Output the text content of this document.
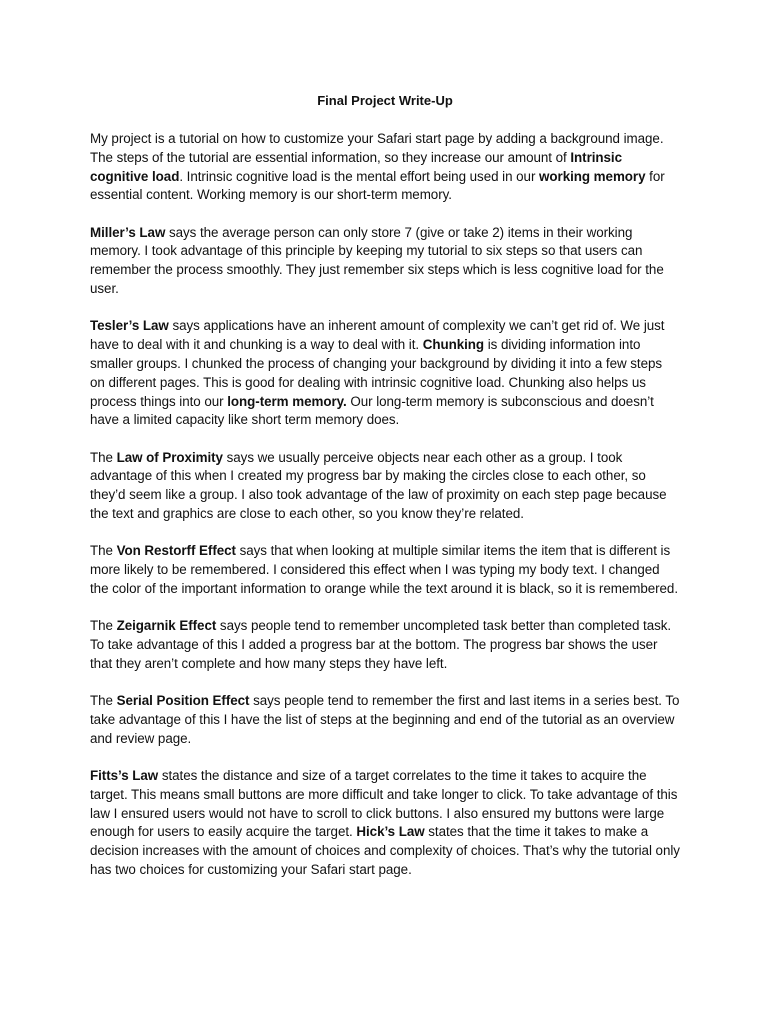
Final Project Write-Up

My project is a tutorial on how to customize your Safari start page by adding a background image. The steps of the tutorial are essential information, so they increase our amount of Intrinsic cognitive load. Intrinsic cognitive load is the mental effort being used in our working memory for essential content. Working memory is our short-term memory.

Miller’s Law says the average person can only store 7 (give or take 2) items in their working memory. I took advantage of this principle by keeping my tutorial to six steps so that users can remember the process smoothly. They just remember six steps which is less cognitive load for the user.

Tesler’s Law says applications have an inherent amount of complexity we can’t get rid of. We just have to deal with it and chunking is a way to deal with it. Chunking is dividing information into smaller groups. I chunked the process of changing your background by dividing it into a few steps on different pages. This is good for dealing with intrinsic cognitive load. Chunking also helps us process things into our long-term memory. Our long-term memory is subconscious and doesn’t have a limited capacity like short term memory does.

The Law of Proximity says we usually perceive objects near each other as a group. I took advantage of this when I created my progress bar by making the circles close to each other, so they’d seem like a group. I also took advantage of the law of proximity on each step page because the text and graphics are close to each other, so you know they’re related.

The Von Restorff Effect says that when looking at multiple similar items the item that is different is more likely to be remembered. I considered this effect when I was typing my body text. I changed the color of the important information to orange while the text around it is black, so it is remembered.

The Zeigarnik Effect says people tend to remember uncompleted task better than completed task. To take advantage of this I added a progress bar at the bottom. The progress bar shows the user that they aren’t complete and how many steps they have left.

The Serial Position Effect says people tend to remember the first and last items in a series best. To take advantage of this I have the list of steps at the beginning and end of the tutorial as an overview and review page.

Fitts’s Law states the distance and size of a target correlates to the time it takes to acquire the target. This means small buttons are more difficult and take longer to click. To take advantage of this law I ensured users would not have to scroll to click buttons. I also ensured my buttons were large enough for users to easily acquire the target. Hick’s Law states that the time it takes to make a decision increases with the amount of choices and complexity of choices. That’s why the tutorial only has two choices for customizing your Safari start page.
